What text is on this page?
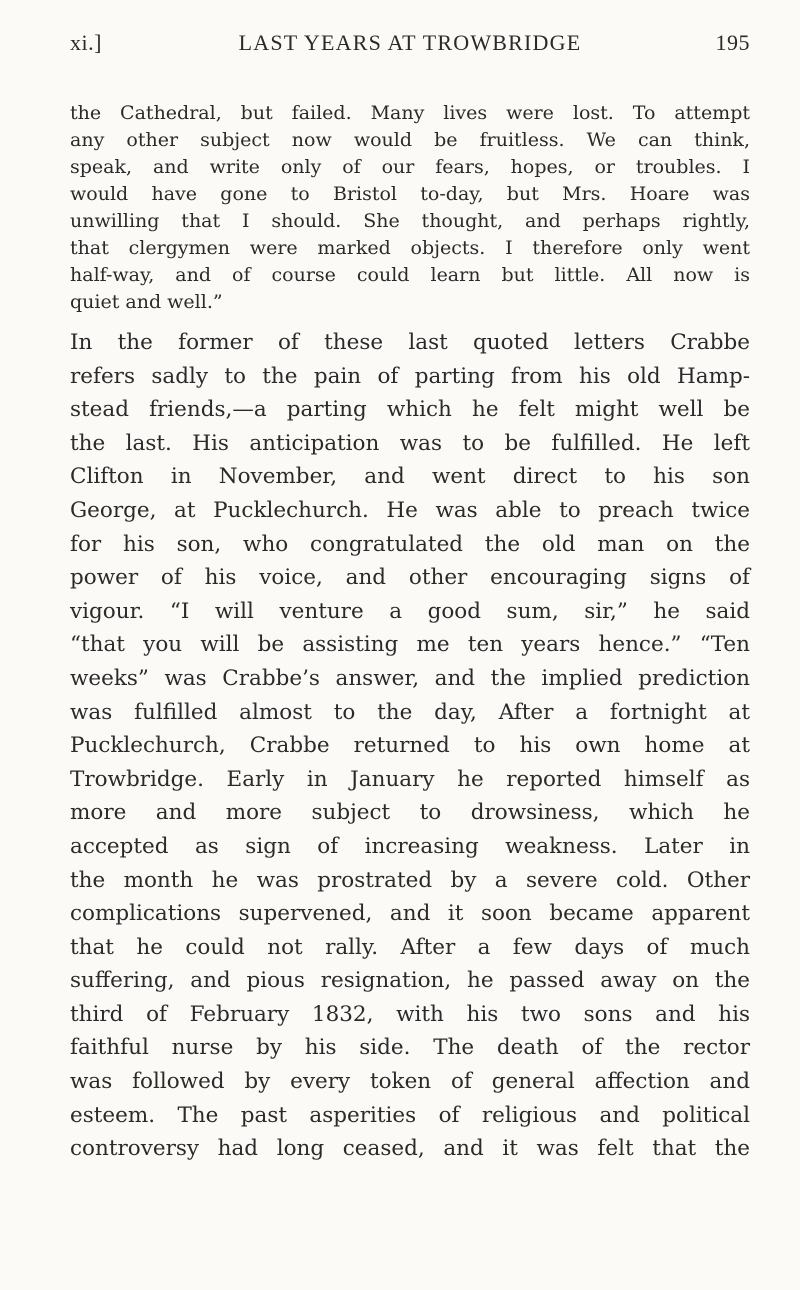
xi.]	LAST YEARS AT TROWBRIDGE	195
the Cathedral, but failed. Many lives were lost. To attempt
any other subject now would be fruitless. We can think,
speak, and write only of our fears, hopes, or troubles. I
would have gone to Bristol to-day, but Mrs. Hoare was
unwilling that I should. She thought, and perhaps rightly,
that clergymen were marked objects. I therefore only went
half-way, and of course could learn but little. All now is
quiet and well.”
In the former of these last quoted letters Crabbe
refers sadly to the pain of parting from his old Hamp-
stead friends,—a parting which he felt might well be
the last. His anticipation was to be fulfilled. He left
Clifton in November, and went direct to his son
George, at Pucklechurch. He was able to preach twice
for his son, who congratulated the old man on the
power of his voice, and other encouraging signs of
vigour. “I will venture a good sum, sir,” he said
“that you will be assisting me ten years hence.” “Ten
weeks” was Crabbe’s answer, and the implied prediction
was fulfilled almost to the day, After a fortnight at
Pucklechurch, Crabbe returned to his own home at
Trowbridge. Early in January he reported himself as
more and more subject to drowsiness, which he
accepted as sign of increasing weakness. Later in
the month he was prostrated by a severe cold. Other
complications supervened, and it soon became apparent
that he could not rally. After a few days of much
suffering, and pious resignation, he passed away on the
third of February 1832, with his two sons and his
faithful nurse by his side. The death of the rector
was followed by every token of general affection and
esteem. The past asperities of religious and political
controversy had long ceased, and it was felt that the
